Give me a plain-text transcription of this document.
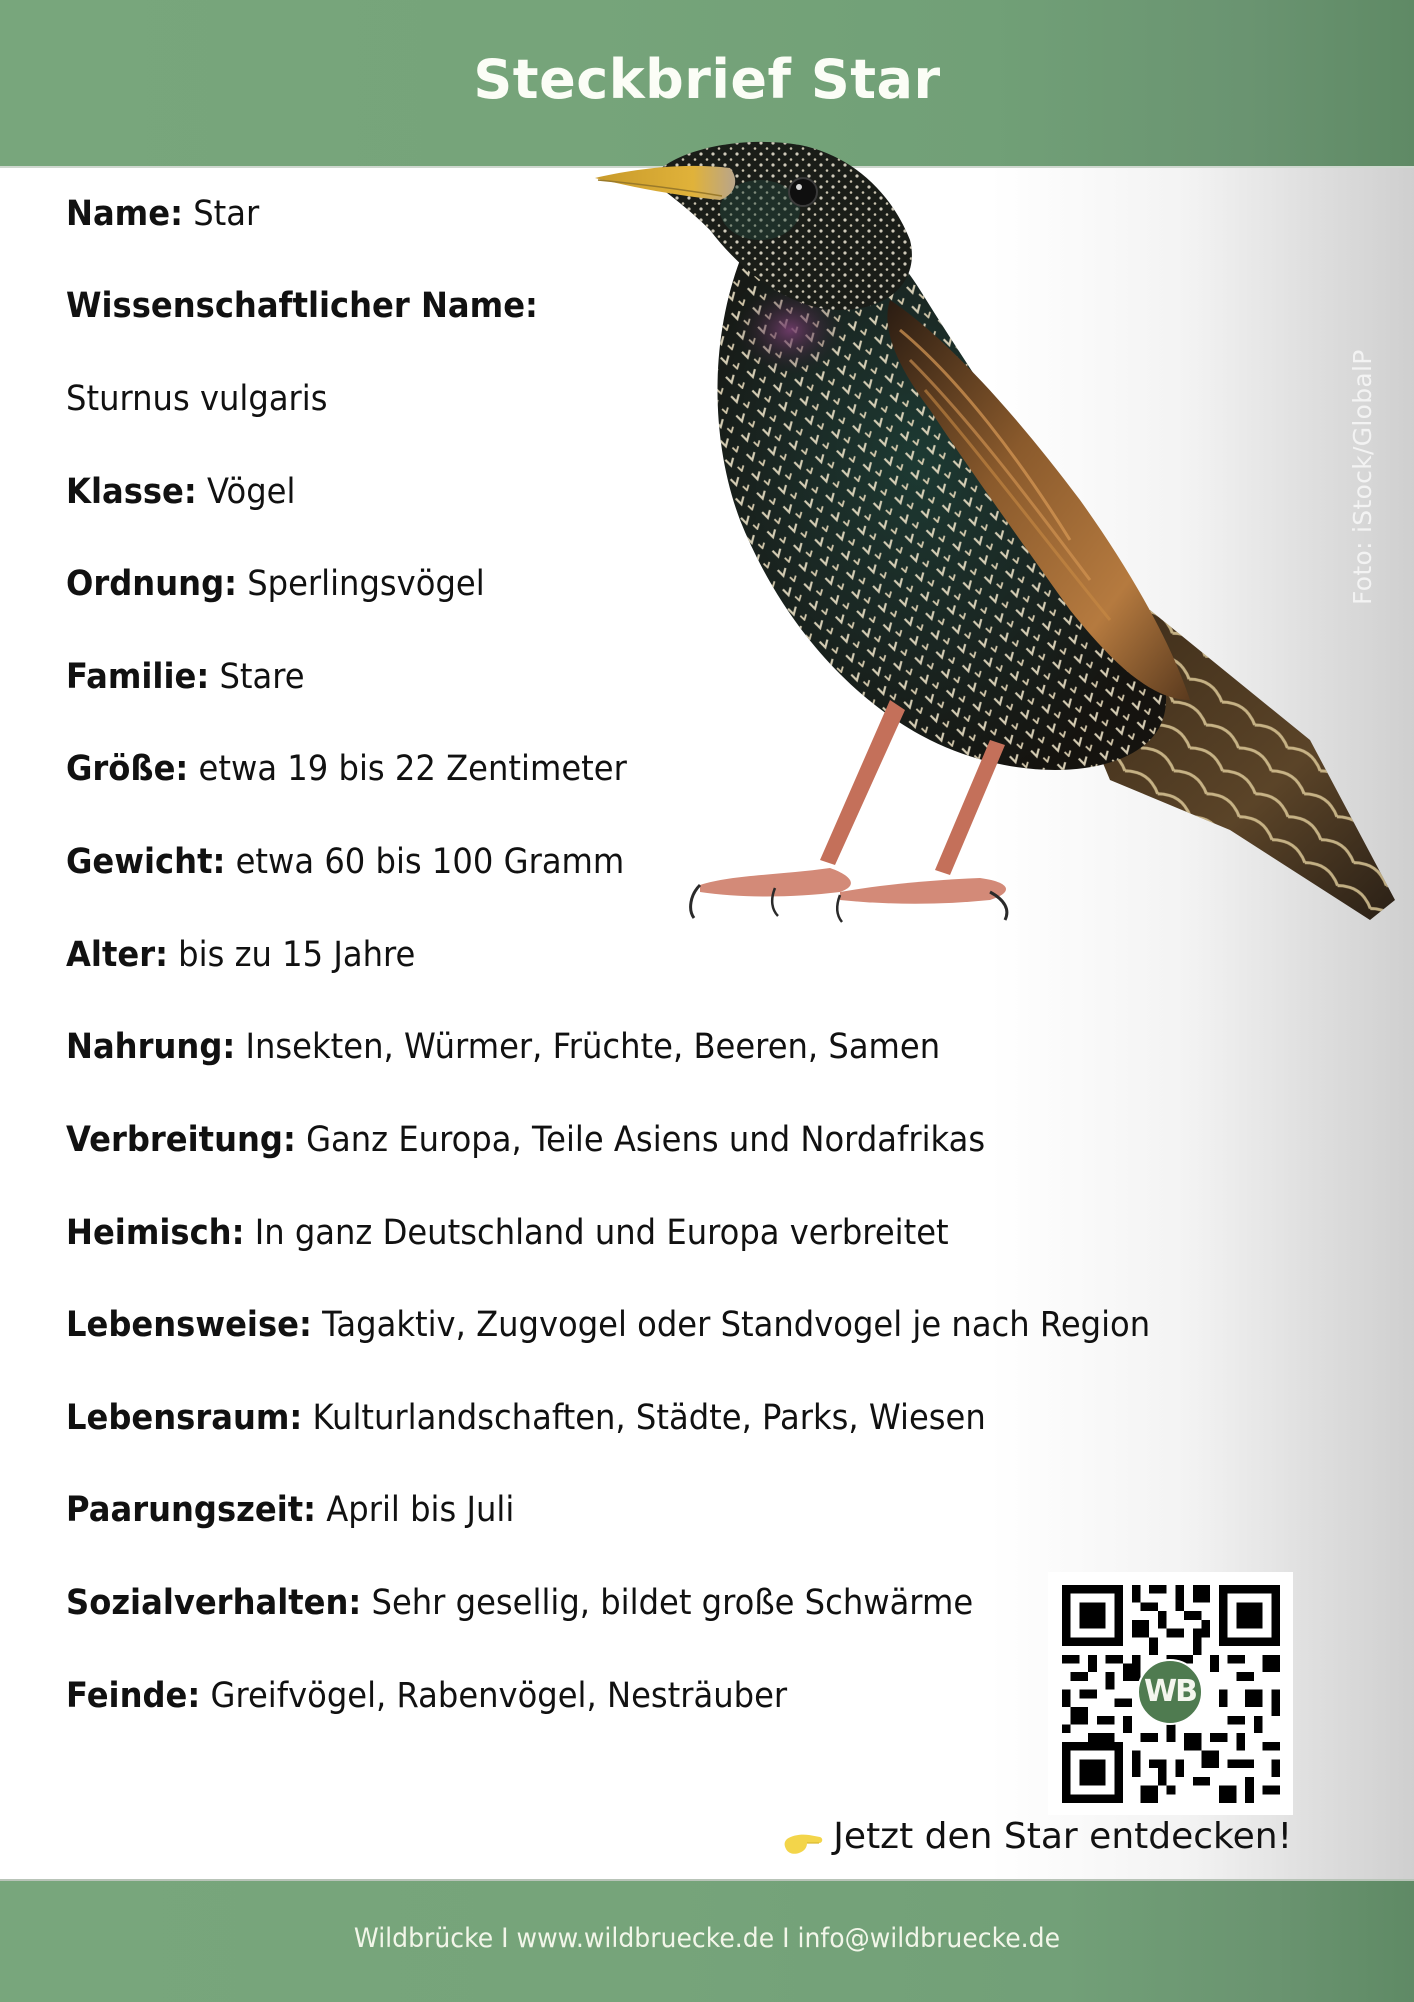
Steckbrief Star
Foto: iStock/GlobalP
Name: Star
Wissenschaftlicher Name:
Sturnus vulgaris
Klasse: Vögel
Ordnung: Sperlingsvögel
Familie: Stare
Größe: etwa 19 bis 22 Zentimeter
Gewicht: etwa 60 bis 100 Gramm
Alter: bis zu 15 Jahre
Nahrung: Insekten, Würmer, Früchte, Beeren, Samen
Verbreitung: Ganz Europa, Teile Asiens und Nordafrikas
Heimisch: In ganz Deutschland und Europa verbreitet
Lebensweise: Tagaktiv, Zugvogel oder Standvogel je nach Region
Lebensraum: Kulturlandschaften, Städte, Parks, Wiesen
Paarungszeit: April bis Juli
Sozialverhalten: Sehr gesellig, bildet große Schwärme
Feinde: Greifvögel, Rabenvögel, Nesträuber	WB
Jetzt den Star entdecken!
Wildbrücke I www.wildbruecke.de I info@wildbruecke.de
